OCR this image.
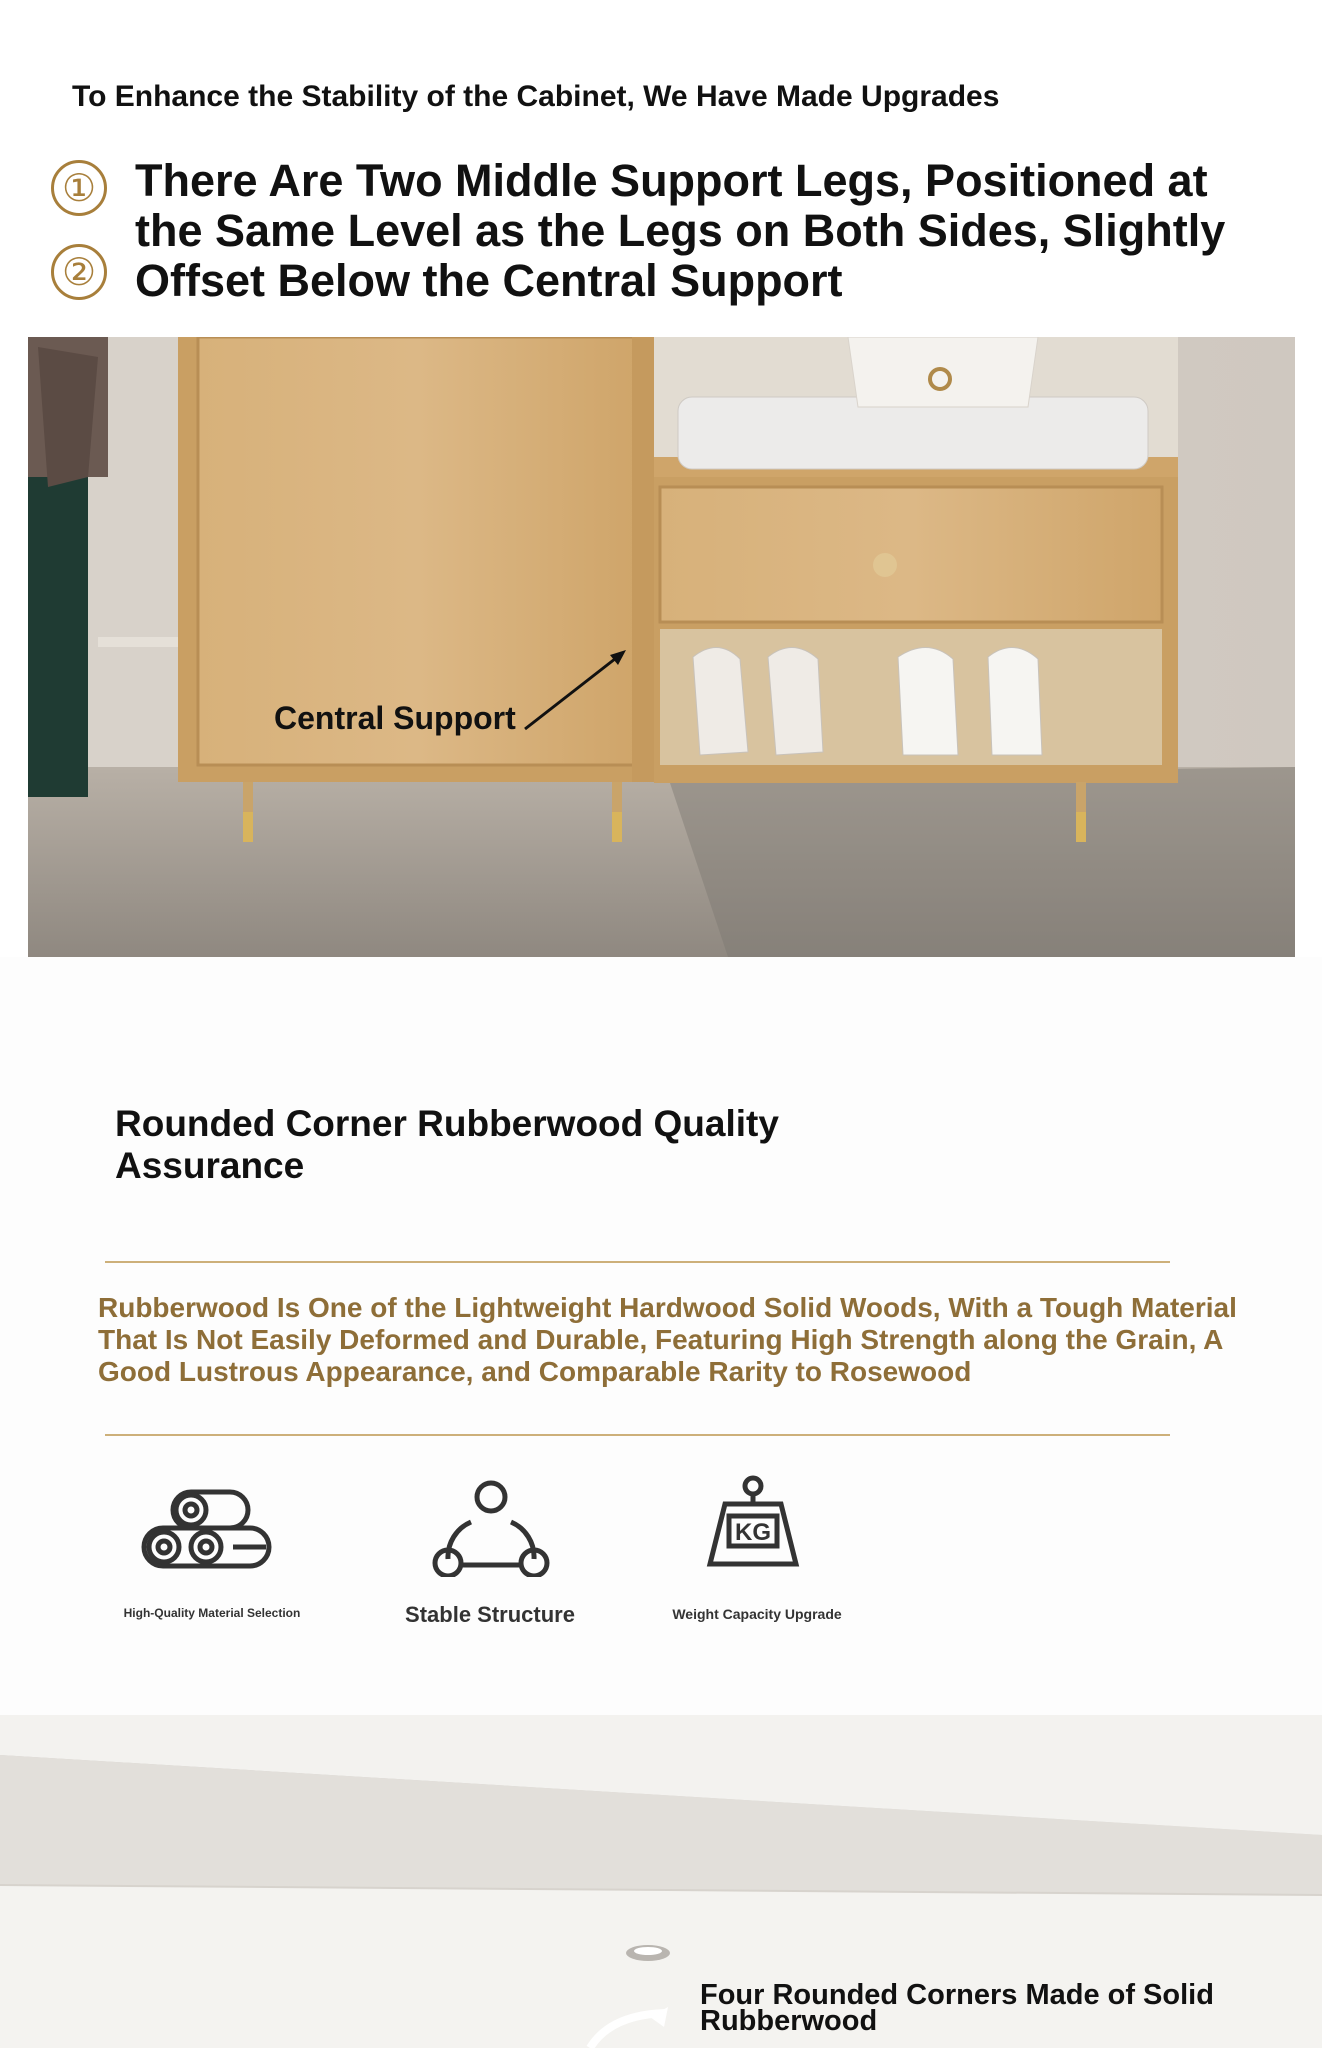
To Enhance the Stability of the Cabinet, We Have Made Upgrades
①
②
There Are Two Middle Support Legs, Positioned at the Same Level as the Legs on Both Sides, Slightly Offset Below the Central Support
Central Support
Rounded Corner Rubberwood Quality Assurance
Rubberwood Is One of the Lightweight Hardwood Solid Woods, With a Tough Material That Is Not Easily Deformed and Durable, Featuring High Strength along the Grain, A Good Lustrous Appearance, and Comparable Rarity to Rosewood
KG
High-Quality Material Selection	Stable Structure	Weight Capacity Upgrade
Four Rounded Corners Made of Solid Rubberwood
